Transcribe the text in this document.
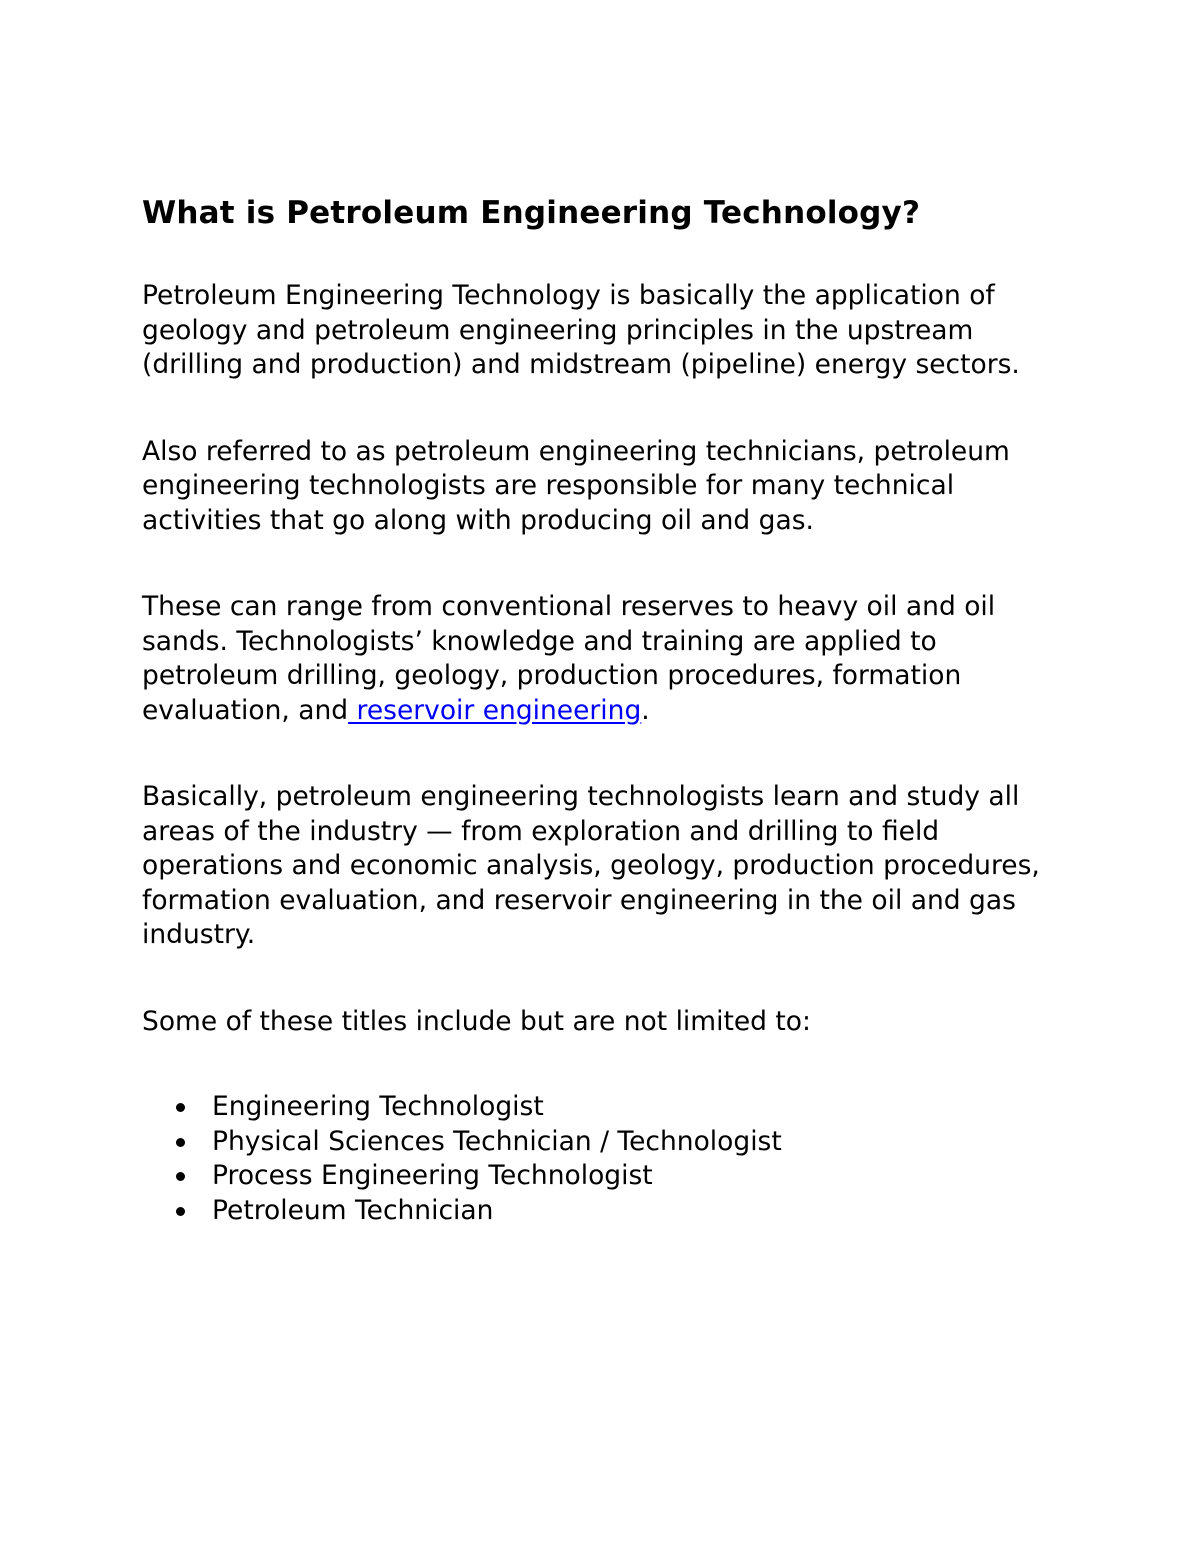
What is Petroleum Engineering Technology?

Petroleum Engineering Technology is basically the application of geology and petroleum engineering principles in the upstream (drilling and production) and midstream (pipeline) energy sectors.

Also referred to as petroleum engineering technicians, petroleum engineering technologists are responsible for many technical activities that go along with producing oil and gas.

These can range from conventional reserves to heavy oil and oil sands. Technologists’ knowledge and training are applied to petroleum drilling, geology, production procedures, formation evaluation, and reservoir engineering.

Basically, petroleum engineering technologists learn and study all areas of the industry — from exploration and drilling to field operations and economic analysis, geology, production procedures, formation evaluation, and reservoir engineering in the oil and gas industry.

Some of these titles include but are not limited to:

Engineering Technologist
Physical Sciences Technician / Technologist
Process Engineering Technologist
Petroleum Technician
